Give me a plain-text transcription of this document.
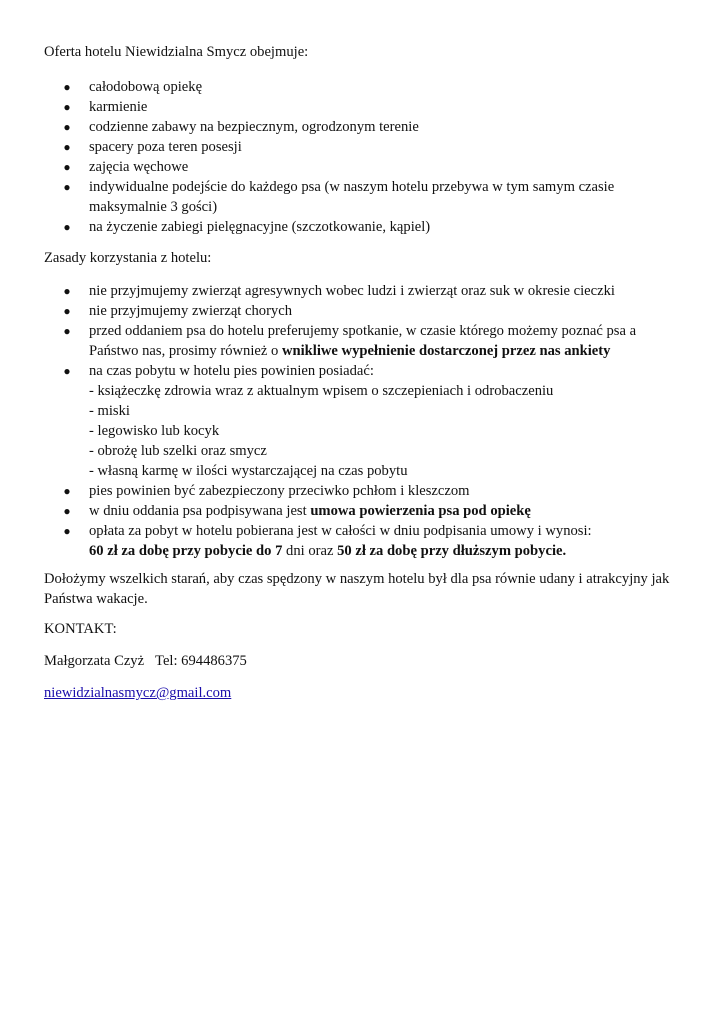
Oferta hotelu Niewidzialna Smycz obejmuje:

● całodobową opiekę
● karmienie
● codzienne zabawy na bezpiecznym, ogrodzonym terenie
● spacery poza teren posesji
● zajęcia węchowe
● indywidualne podejście do każdego psa (w naszym hotelu przebywa w tym samym czasie maksymalnie 3 gości)
● na życzenie zabiegi pielęgnacyjne (szczotkowanie, kąpiel)

Zasady korzystania z hotelu:

● nie przyjmujemy zwierząt agresywnych wobec ludzi i zwierząt oraz suk w okresie cieczki
● nie przyjmujemy zwierząt chorych
● przed oddaniem psa do hotelu preferujemy spotkanie, w czasie którego możemy poznać psa a Państwo nas, prosimy również o wnikliwe wypełnienie dostarczonej przez nas ankiety
● na czas pobytu w hotelu pies powinien posiadać:
- książeczkę zdrowia wraz z aktualnym wpisem o szczepieniach i odrobaczeniu
- miski
- legowisko lub kocyk
- obrożę lub szelki oraz smycz
- własną karmę w ilości wystarczającej na czas pobytu
● pies powinien być zabezpieczony przeciwko pchłom i kleszczom
● w dniu oddania psa podpisywana jest umowa powierzenia psa pod opiekę
● opłata za pobyt w hotelu pobierana jest w całości w dniu podpisania umowy i wynosi:
60 zł za dobę przy pobycie do 7 dni oraz 50 zł za dobę przy dłuższym pobycie.

Dołożymy wszelkich starań, aby czas spędzony w naszym hotelu był dla psa równie udany i atrakcyjny jak Państwa wakacje.

KONTAKT:

Małgorzata Czyż Tel: 694486375

niewidzialnasmycz@gmail.com
